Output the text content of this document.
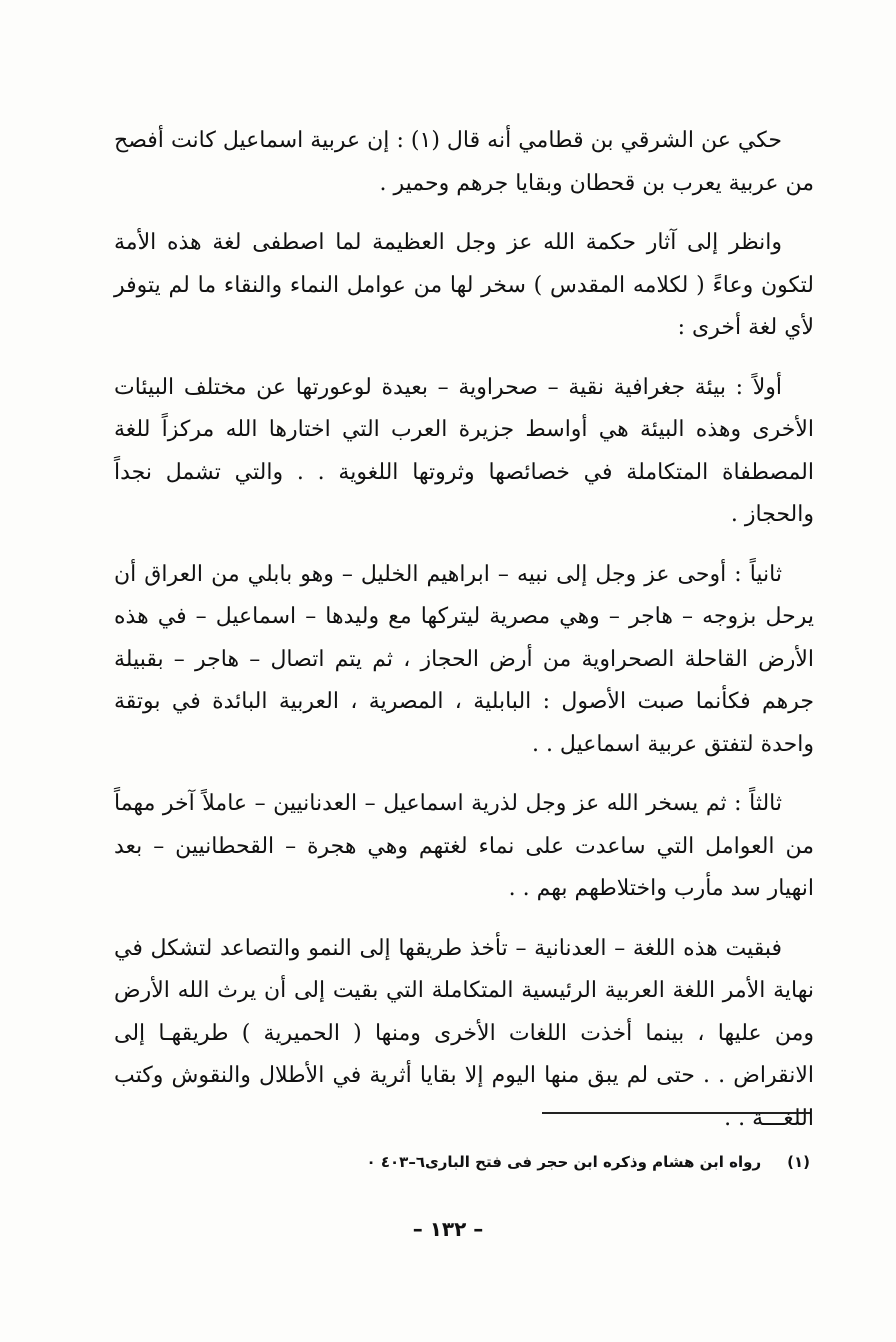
حكي عن الشرقي بن قطامي أنه قال (١) : إن عربية اسماعيل كانت أفصح من عربية يعرب بن قحطان وبقايا جرهم وحمير .

وانظر إلى آثار حكمة الله عز وجل العظيمة لما اصطفى لغة هذه الأمة لتكون وعاءً ( لكلامه المقدس ) سخر لها من عوامل النماء والنقاء ما لم يتوفر لأي لغة أخرى :

أولاً : بيئة جغرافية نقية – صحراوية – بعيدة لوعورتها عن مختلف البيئات الأخرى وهذه البيئة هي أواسط جزيرة العرب التي اختارها الله مركزاً للغة المصطفاة المتكاملة في خصائصها وثروتها اللغوية . . والتي تشمل نجداً والحجاز .

ثانياً : أوحى عز وجل إلى نبيه – ابراهيم الخليل – وهو بابلي من العراق أن يرحل بزوجه – هاجر – وهي مصرية ليتركها مع وليدها – اسماعيل – في هذه الأرض القاحلة الصحراوية من أرض الحجاز ، ثم يتم اتصال – هاجر – بقبيلة جرهم فكأنما صبت الأصول : البابلية ، المصرية ، العربية البائدة في بوتقة واحدة لتفتق عربية اسماعيل . .

ثالثاً : ثم يسخر الله عز وجل لذرية اسماعيل – العدنانيين – عاملاً آخر مهماً من العوامل التي ساعدت على نماء لغتهم وهي هجرة – القحطانيين – بعد انهيار سد مأرب واختلاطهم بهم . .

فبقيت هذه اللغة – العدنانية – تأخذ طريقها إلى النمو والتصاعد لتشكل في نهاية الأمر اللغة العربية الرئيسية المتكاملة التي بقيت إلى أن يرث الله الأرض ومن عليها ، بينما أخذت اللغات الأخرى ومنها ( الحميرية ) طريقهـا إلى الانقراض . . حتى لم يبق منها اليوم إلا بقايا أثرية في الأطلال والنقوش وكتب اللغـــة . .

(١)رواه ابن هشام وذكره ابن حجر فى فتح البارى٦–٤٠٣ ٠
– ١٣٢ –
